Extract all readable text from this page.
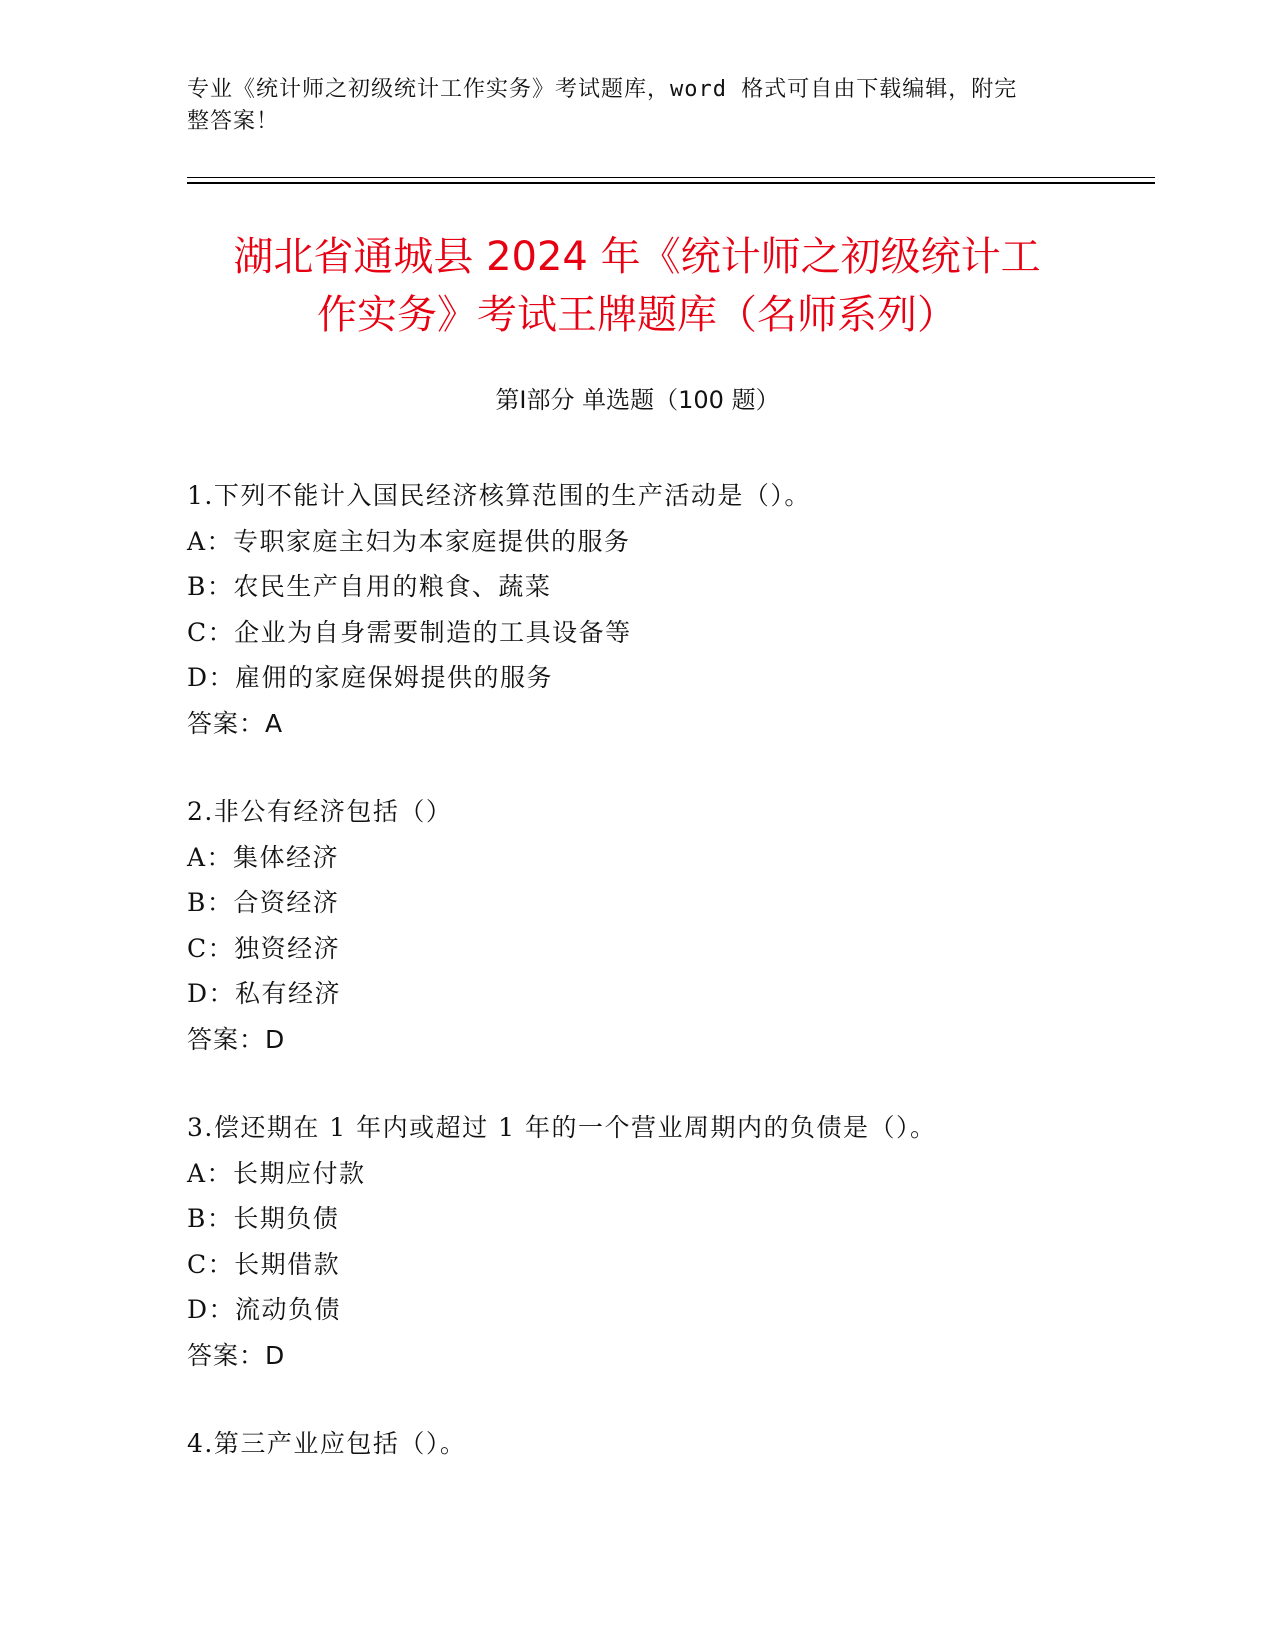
专业《统计师之初级统计工作实务》考试题库，word 格式可自由下载编辑，附完
整答案！
湖北省通城县 2024 年《统计师之初级统计工
作实务》考试王牌题库（名师系列）
第Ⅰ部分 单选题（100 题）
1.下列不能计入国民经济核算范围的生产活动是（）。
A：专职家庭主妇为本家庭提供的服务
B：农民生产自用的粮食、蔬菜
C：企业为自身需要制造的工具设备等
D：雇佣的家庭保姆提供的服务
答案：A
2.非公有经济包括（）
A：集体经济
B：合资经济
C：独资经济
D：私有经济
答案：D
3.偿还期在 1 年内或超过 1 年的一个营业周期内的负债是（）。
A：长期应付款
B：长期负债
C：长期借款
D：流动负债
答案：D
4.第三产业应包括（）。
